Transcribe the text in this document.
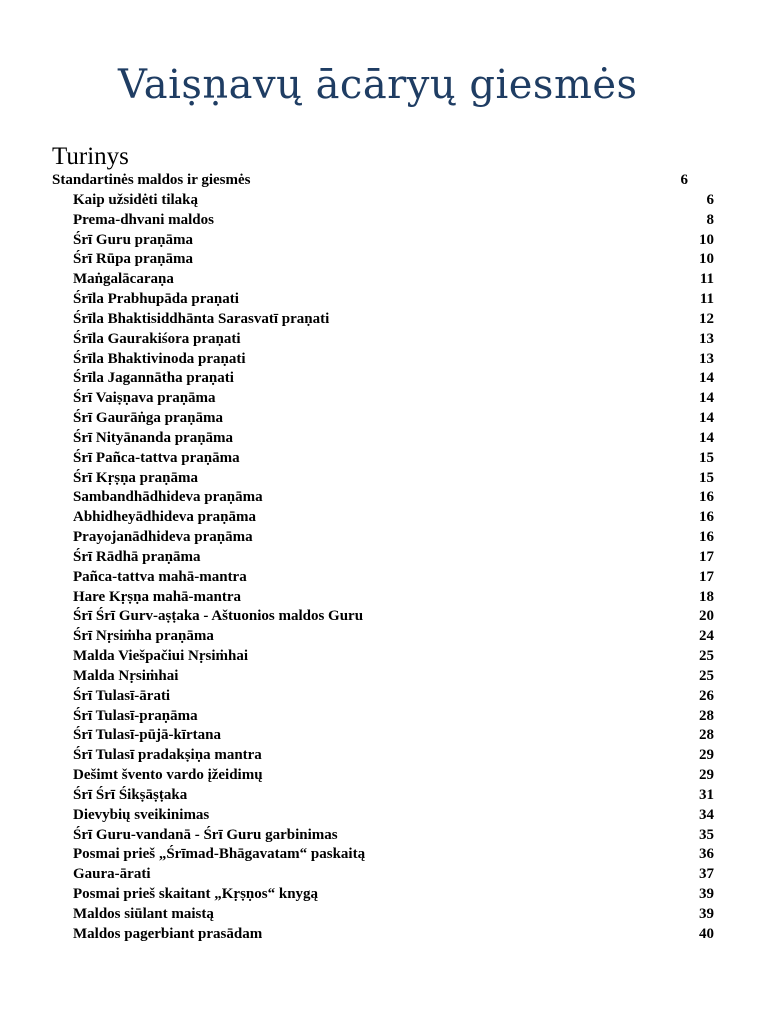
Vaiṣṇavų ācāryų giesmės
Turinys
Standartinės maldos ir giesmės	6
Kaip užsidėti tilaką	6
Prema-dhvani maldos	8
Śrī Guru praṇāma	10
Śrī Rūpa praṇāma	10
Maṅgalācaraṇa	11
Śrīla Prabhupāda praṇati	11
Śrīla Bhaktisiddhānta Sarasvatī praṇati	12
Śrīla Gaurakiśora praṇati	13
Śrīla Bhaktivinoda praṇati	13
Śrīla Jagannātha praṇati	14
Śrī Vaiṣṇava praṇāma	14
Śrī Gaurāṅga praṇāma	14
Śrī Nityānanda praṇāma	14
Śrī Pañca-tattva praṇāma	15
Śrī Kṛṣṇa praṇāma	15
Sambandhādhideva praṇāma	16
Abhidheyādhideva praṇāma	16
Prayojanādhideva praṇāma	16
Śrī Rādhā praṇāma	17
Pañca-tattva mahā-mantra	17
Hare Kṛṣṇa mahā-mantra	18
Śrī Śrī Gurv-aṣṭaka - Aštuonios maldos Guru	20
Śrī Nṛsiṁha praṇāma	24
Malda Viešpačiui Nṛsiṁhai	25
Malda Nṛsiṁhai	25
Śrī Tulasī-ārati	26
Śrī Tulasī-praṇāma	28
Śrī Tulasī-pūjā-kīrtana	28
Śrī Tulasī pradakṣiṇa mantra	29
Dešimt švento vardo įžeidimų	29
Śrī Śrī Śikṣāṣṭaka	31
Dievybių sveikinimas	34
Śrī Guru-vandanā - Śrī Guru garbinimas	35
Posmai prieš „Śrīmad-Bhāgavatam“ paskaitą	36
Gaura-ārati	37
Posmai prieš skaitant „Kṛṣṇos“ knygą	39
Maldos siūlant maistą	39
Maldos pagerbiant prasādam	40
